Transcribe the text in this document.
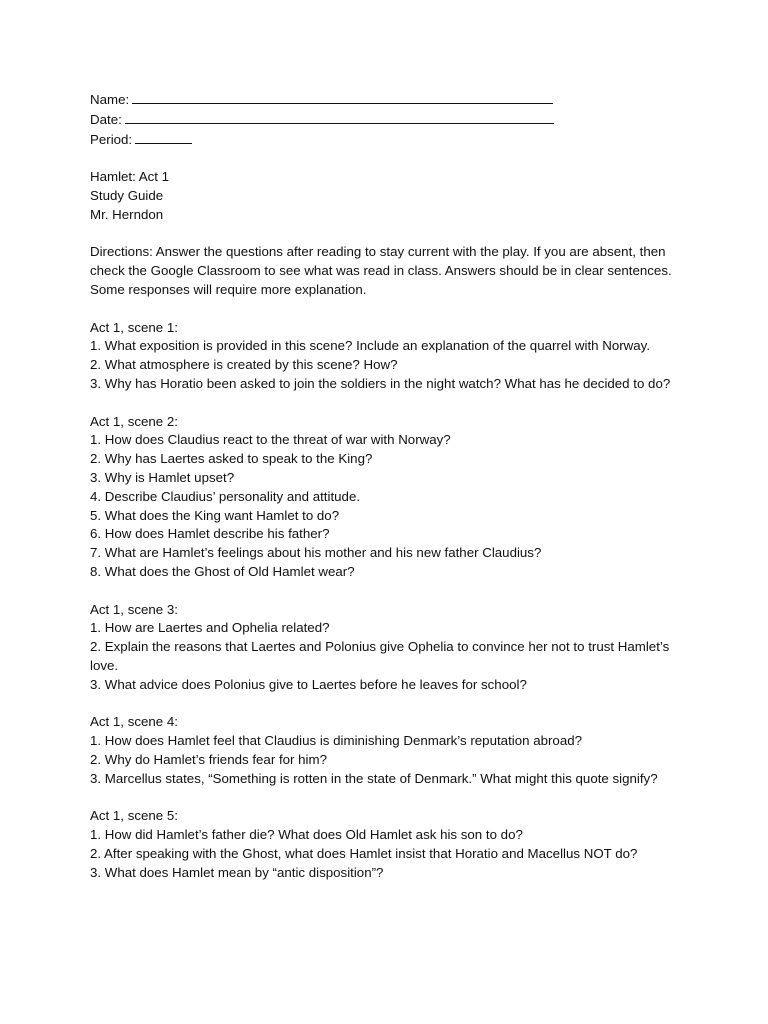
Name:
Date:
Period:
Hamlet: Act 1
Study Guide
Mr. Herndon
Directions: Answer the questions after reading to stay current with the play. If you are absent, then check the Google Classroom to see what was read in class. Answers should be in clear sentences. Some responses will require more explanation.
Act 1, scene 1:
1. What exposition is provided in this scene? Include an explanation of the quarrel with Norway.
2. What atmosphere is created by this scene? How?
3. Why has Horatio been asked to join the soldiers in the night watch? What has he decided to do?
Act 1, scene 2:
1. How does Claudius react to the threat of war with Norway?
2. Why has Laertes asked to speak to the King?
3. Why is Hamlet upset?
4. Describe Claudius’ personality and attitude.
5. What does the King want Hamlet to do?
6. How does Hamlet describe his father?
7. What are Hamlet’s feelings about his mother and his new father Claudius?
8. What does the Ghost of Old Hamlet wear?
Act 1, scene 3:
1. How are Laertes and Ophelia related?
2. Explain the reasons that Laertes and Polonius give Ophelia to convince her not to trust Hamlet’s love.
3. What advice does Polonius give to Laertes before he leaves for school?
Act 1, scene 4:
1. How does Hamlet feel that Claudius is diminishing Denmark’s reputation abroad?
2. Why do Hamlet’s friends fear for him?
3. Marcellus states, “Something is rotten in the state of Denmark.” What might this quote signify?
Act 1, scene 5:
1. How did Hamlet’s father die? What does Old Hamlet ask his son to do?
2. After speaking with the Ghost, what does Hamlet insist that Horatio and Macellus NOT do?
3. What does Hamlet mean by “antic disposition”?
